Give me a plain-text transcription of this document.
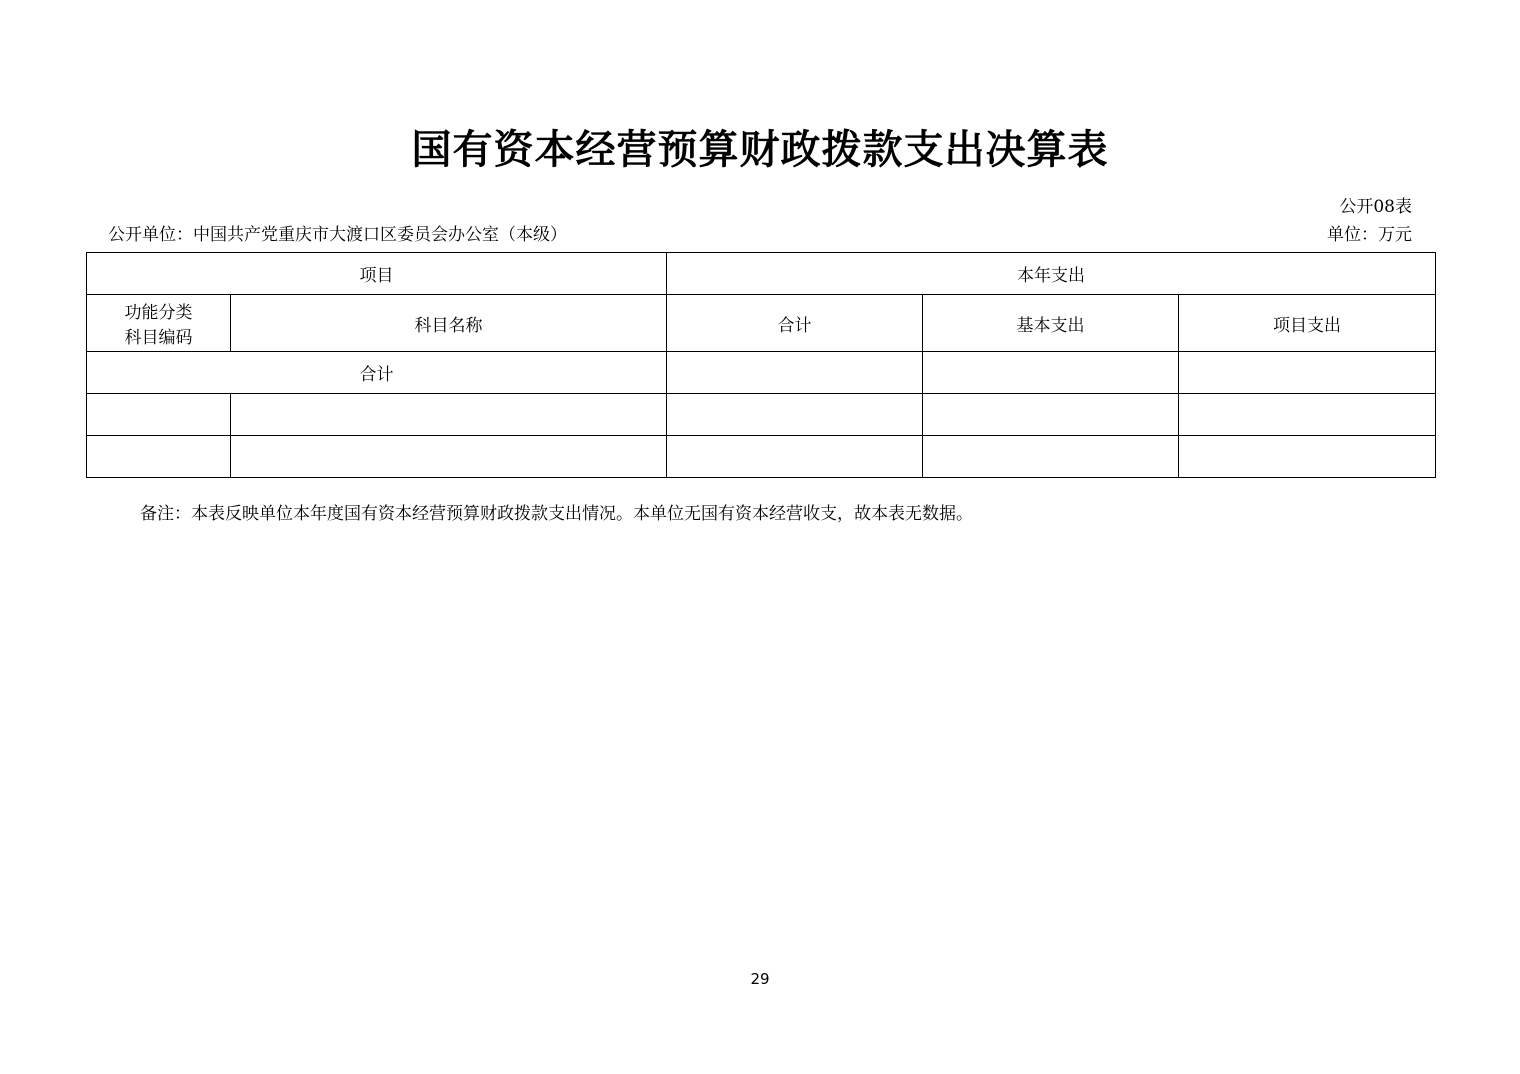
国有资本经营预算财政拨款支出决算表
公开08表
公开单位：中国共产党重庆市大渡口区委员会办公室（本级）	单位：万元
项目		本年支出		

功能分类
科目编码	科目名称	合计	基本支出	项目支出
合计				

备注：本表反映单位本年度国有资本经营预算财政拨款支出情况。本单位无国有资本经营收支，故本表无数据。
29
